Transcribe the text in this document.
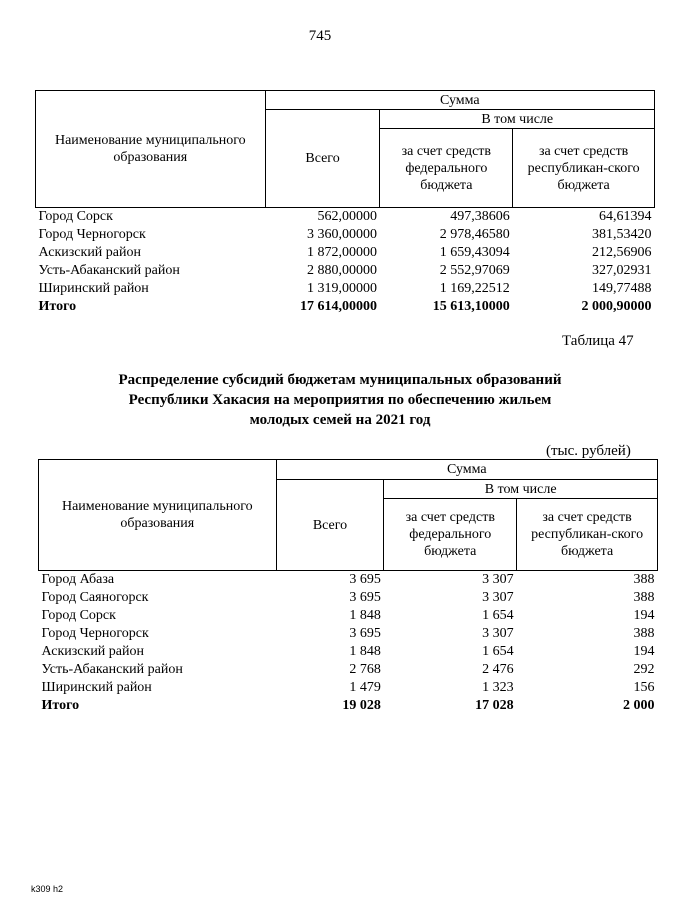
745
Наименование муниципального образования	Сумма		
	Всего	В том числе	
		за счет средств федерального бюджета	за счет средств республикан-ского бюджета
Город Сорск	562,00000	497,38606	64,61394
Город Черногорск	3 360,00000	2 978,46580	381,53420
Аскизский район	1 872,00000	1 659,43094	212,56906
Усть-Абаканский район	2 880,00000	2 552,97069	327,02931
Ширинский район	1 319,00000	1 169,22512	149,77488
Итого	17 614,00000	15 613,10000	2 000,90000
Таблица 47
Распределение субсидий бюджетам муниципальных образований
Республики Хакасия на мероприятия по обеспечению жильем
молодых семей на 2021 год
(тыс. рублей)
Наименование муниципального образования	Сумма		
	Всего	В том числе	
		за счет средств федерального бюджета	за счет средств республикан-ского бюджета
Город Абаза	3 695	3 307	388
Город Саяногорск	3 695	3 307	388
Город Сорск	1 848	1 654	194
Город Черногорск	3 695	3 307	388
Аскизский район	1 848	1 654	194
Усть-Абаканский район	2 768	2 476	292
Ширинский район	1 479	1 323	156
Итого	19 028	17 028	2 000
k309 h2
